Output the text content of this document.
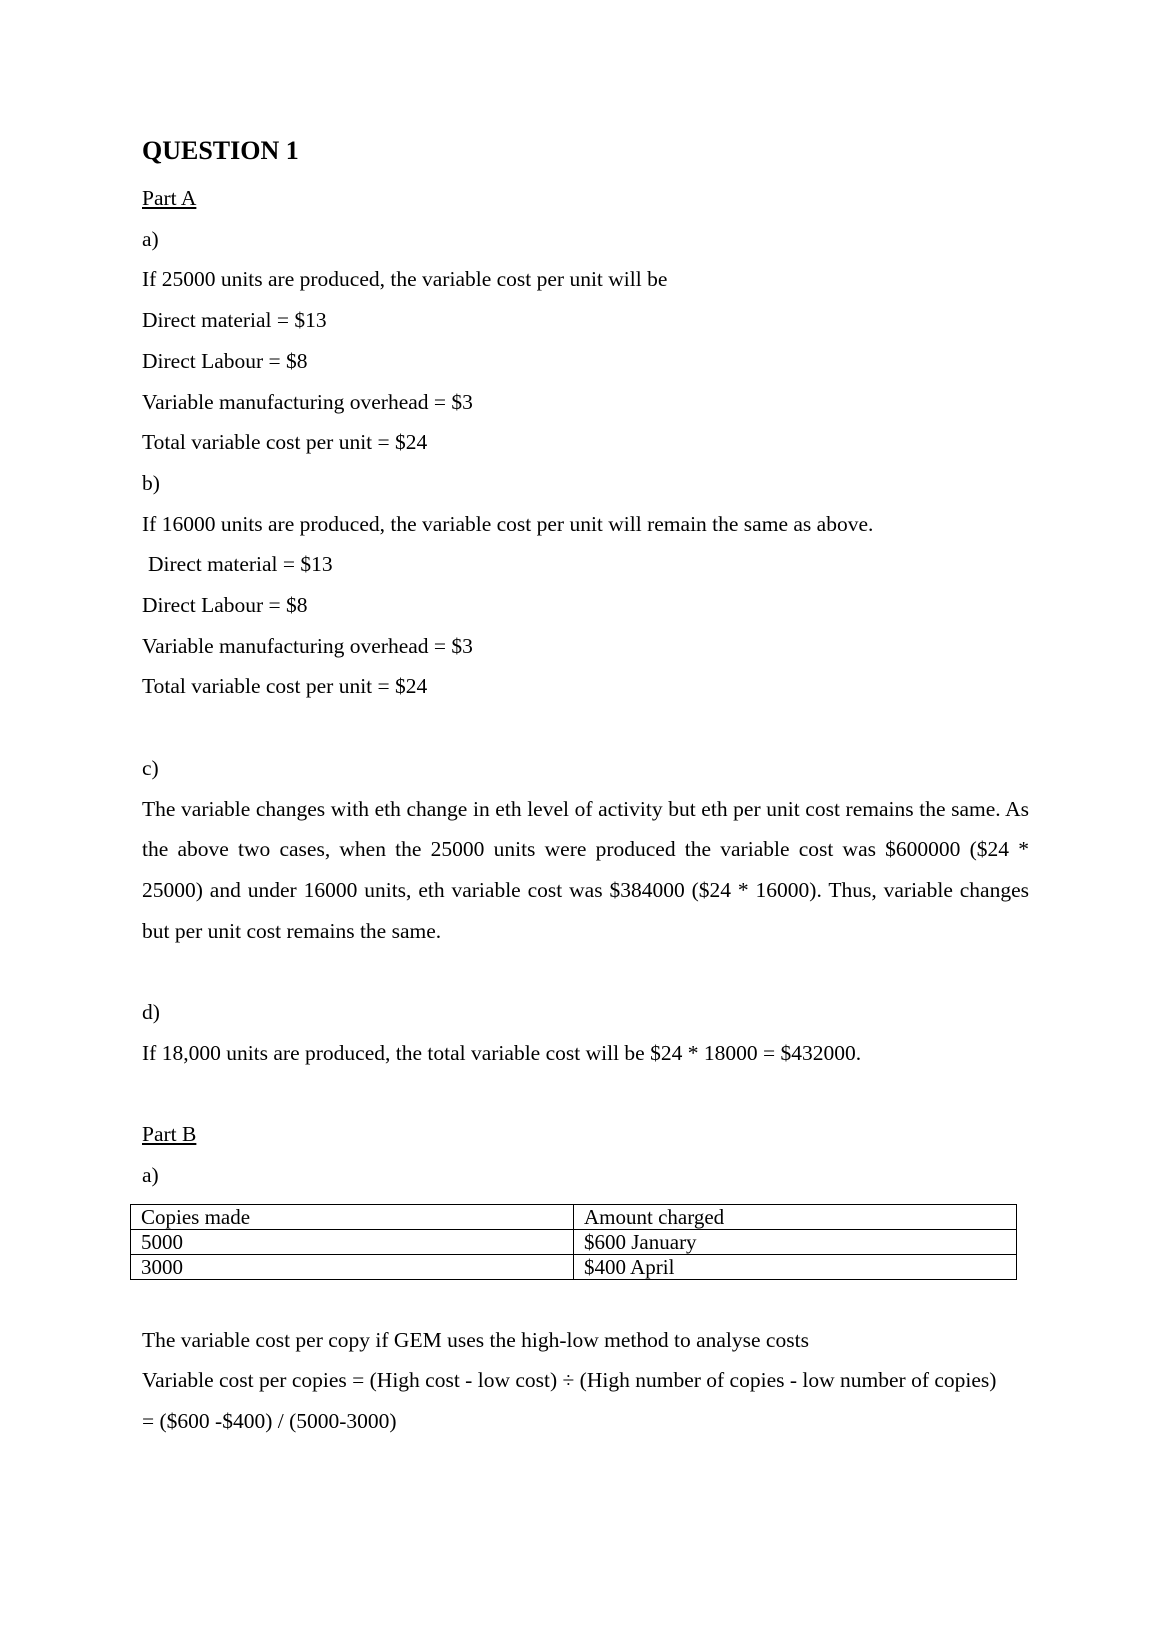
QUESTION 1
Part A
a)
If 25000 units are produced, the variable cost per unit will be
Direct material = $13
Direct Labour = $8
Variable manufacturing overhead = $3
Total variable cost per unit = $24
b)
If 16000 units are produced, the variable cost per unit will remain the same as above.
Direct material = $13
Direct Labour = $8
Variable manufacturing overhead = $3
Total variable cost per unit = $24
c)
The variable changes with eth change in eth level of activity but eth per unit cost remains the same. As the above two cases, when the 25000 units were produced the variable cost was $600000 ($24 * 25000) and under 16000 units, eth variable cost was $384000 ($24 * 16000). Thus, variable changes but per unit cost remains the same.
d)
If 18,000 units are produced, the total variable cost will be $24 * 18000 = $432000.
Part B
a)
Copies made	Amount charged
5000	$600 January
3000	$400 April
The variable cost per copy if GEM uses the high-low method to analyse costs
Variable cost per copies = (High cost - low cost) ÷ (High number of copies - low number of copies)
= ($600 -$400) / (5000-3000)
